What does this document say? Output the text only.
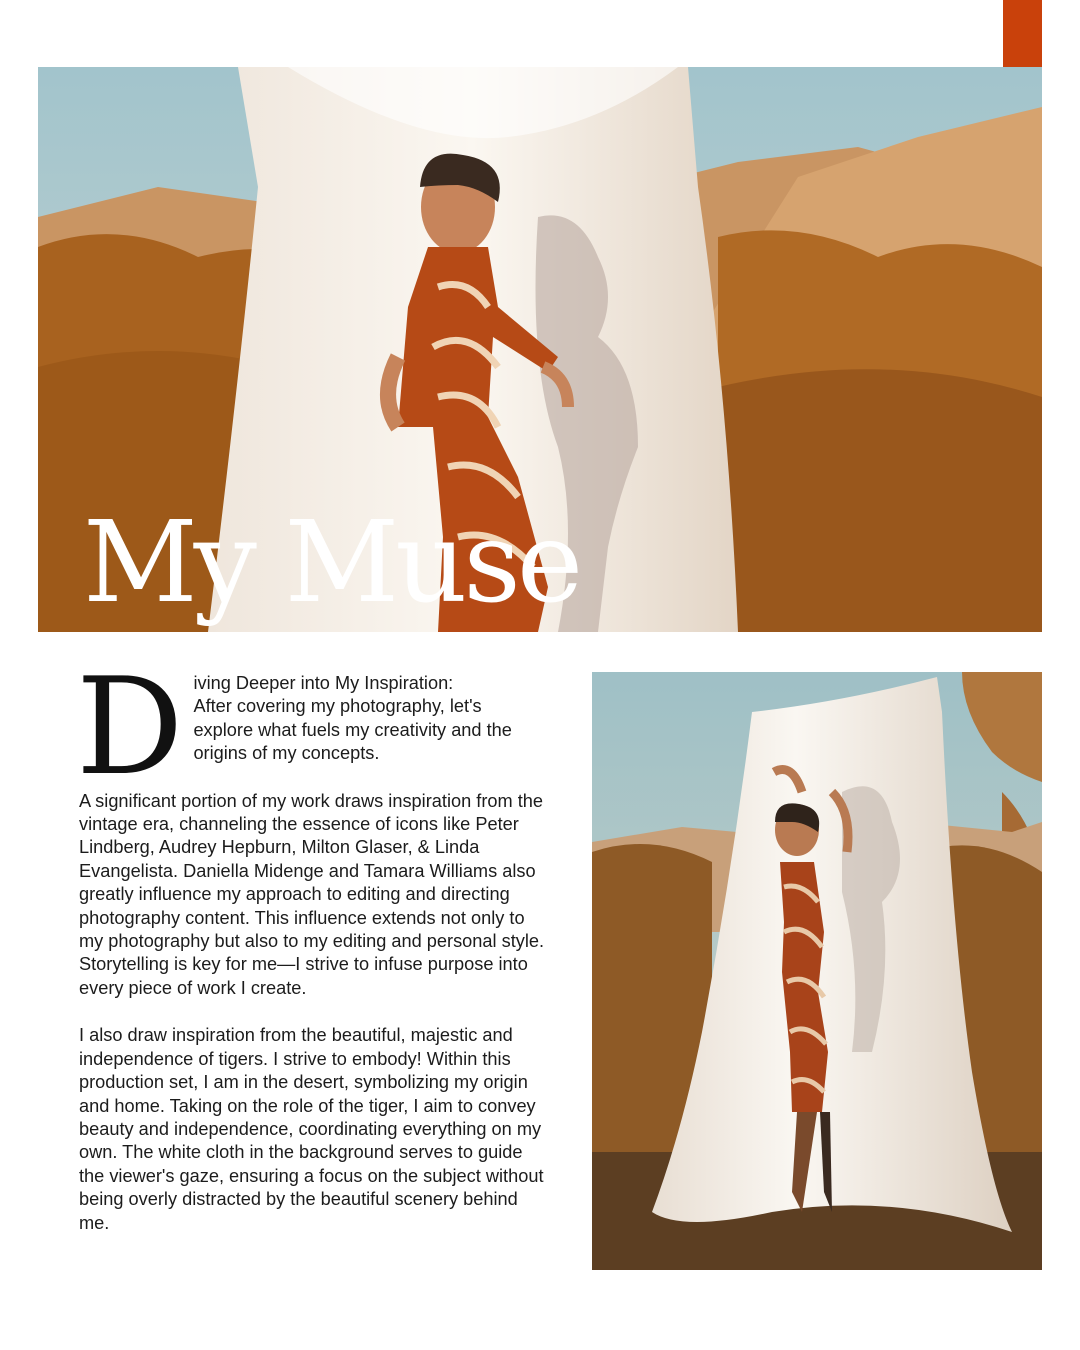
My Muse
D iving Deeper into My Inspiration:
After covering my photography, let's
explore what fuels my creativity and the
origins of my concepts.

A significant portion of my work draws inspiration from the vintage era, channeling the essence of icons like Peter Lindberg, Audrey Hepburn, Milton Glaser, & Linda Evangelista. Daniella Midenge and Tamara Williams also greatly influence my approach to editing and directing photography content. This influence extends not only to my photography but also to my editing and personal style. Storytelling is key for me—I strive to infuse purpose into every piece of work I create.

I also draw inspiration from the beautiful, majestic and independence of tigers. I strive to embody! Within this production set, I am in the desert, symbolizing my origin and home. Taking on the role of the tiger, I aim to convey beauty and independence, coordinating everything on my own. The white cloth in the background serves to guide the viewer's gaze, ensuring a focus on the subject without being overly distracted by the beautiful scenery behind me.
